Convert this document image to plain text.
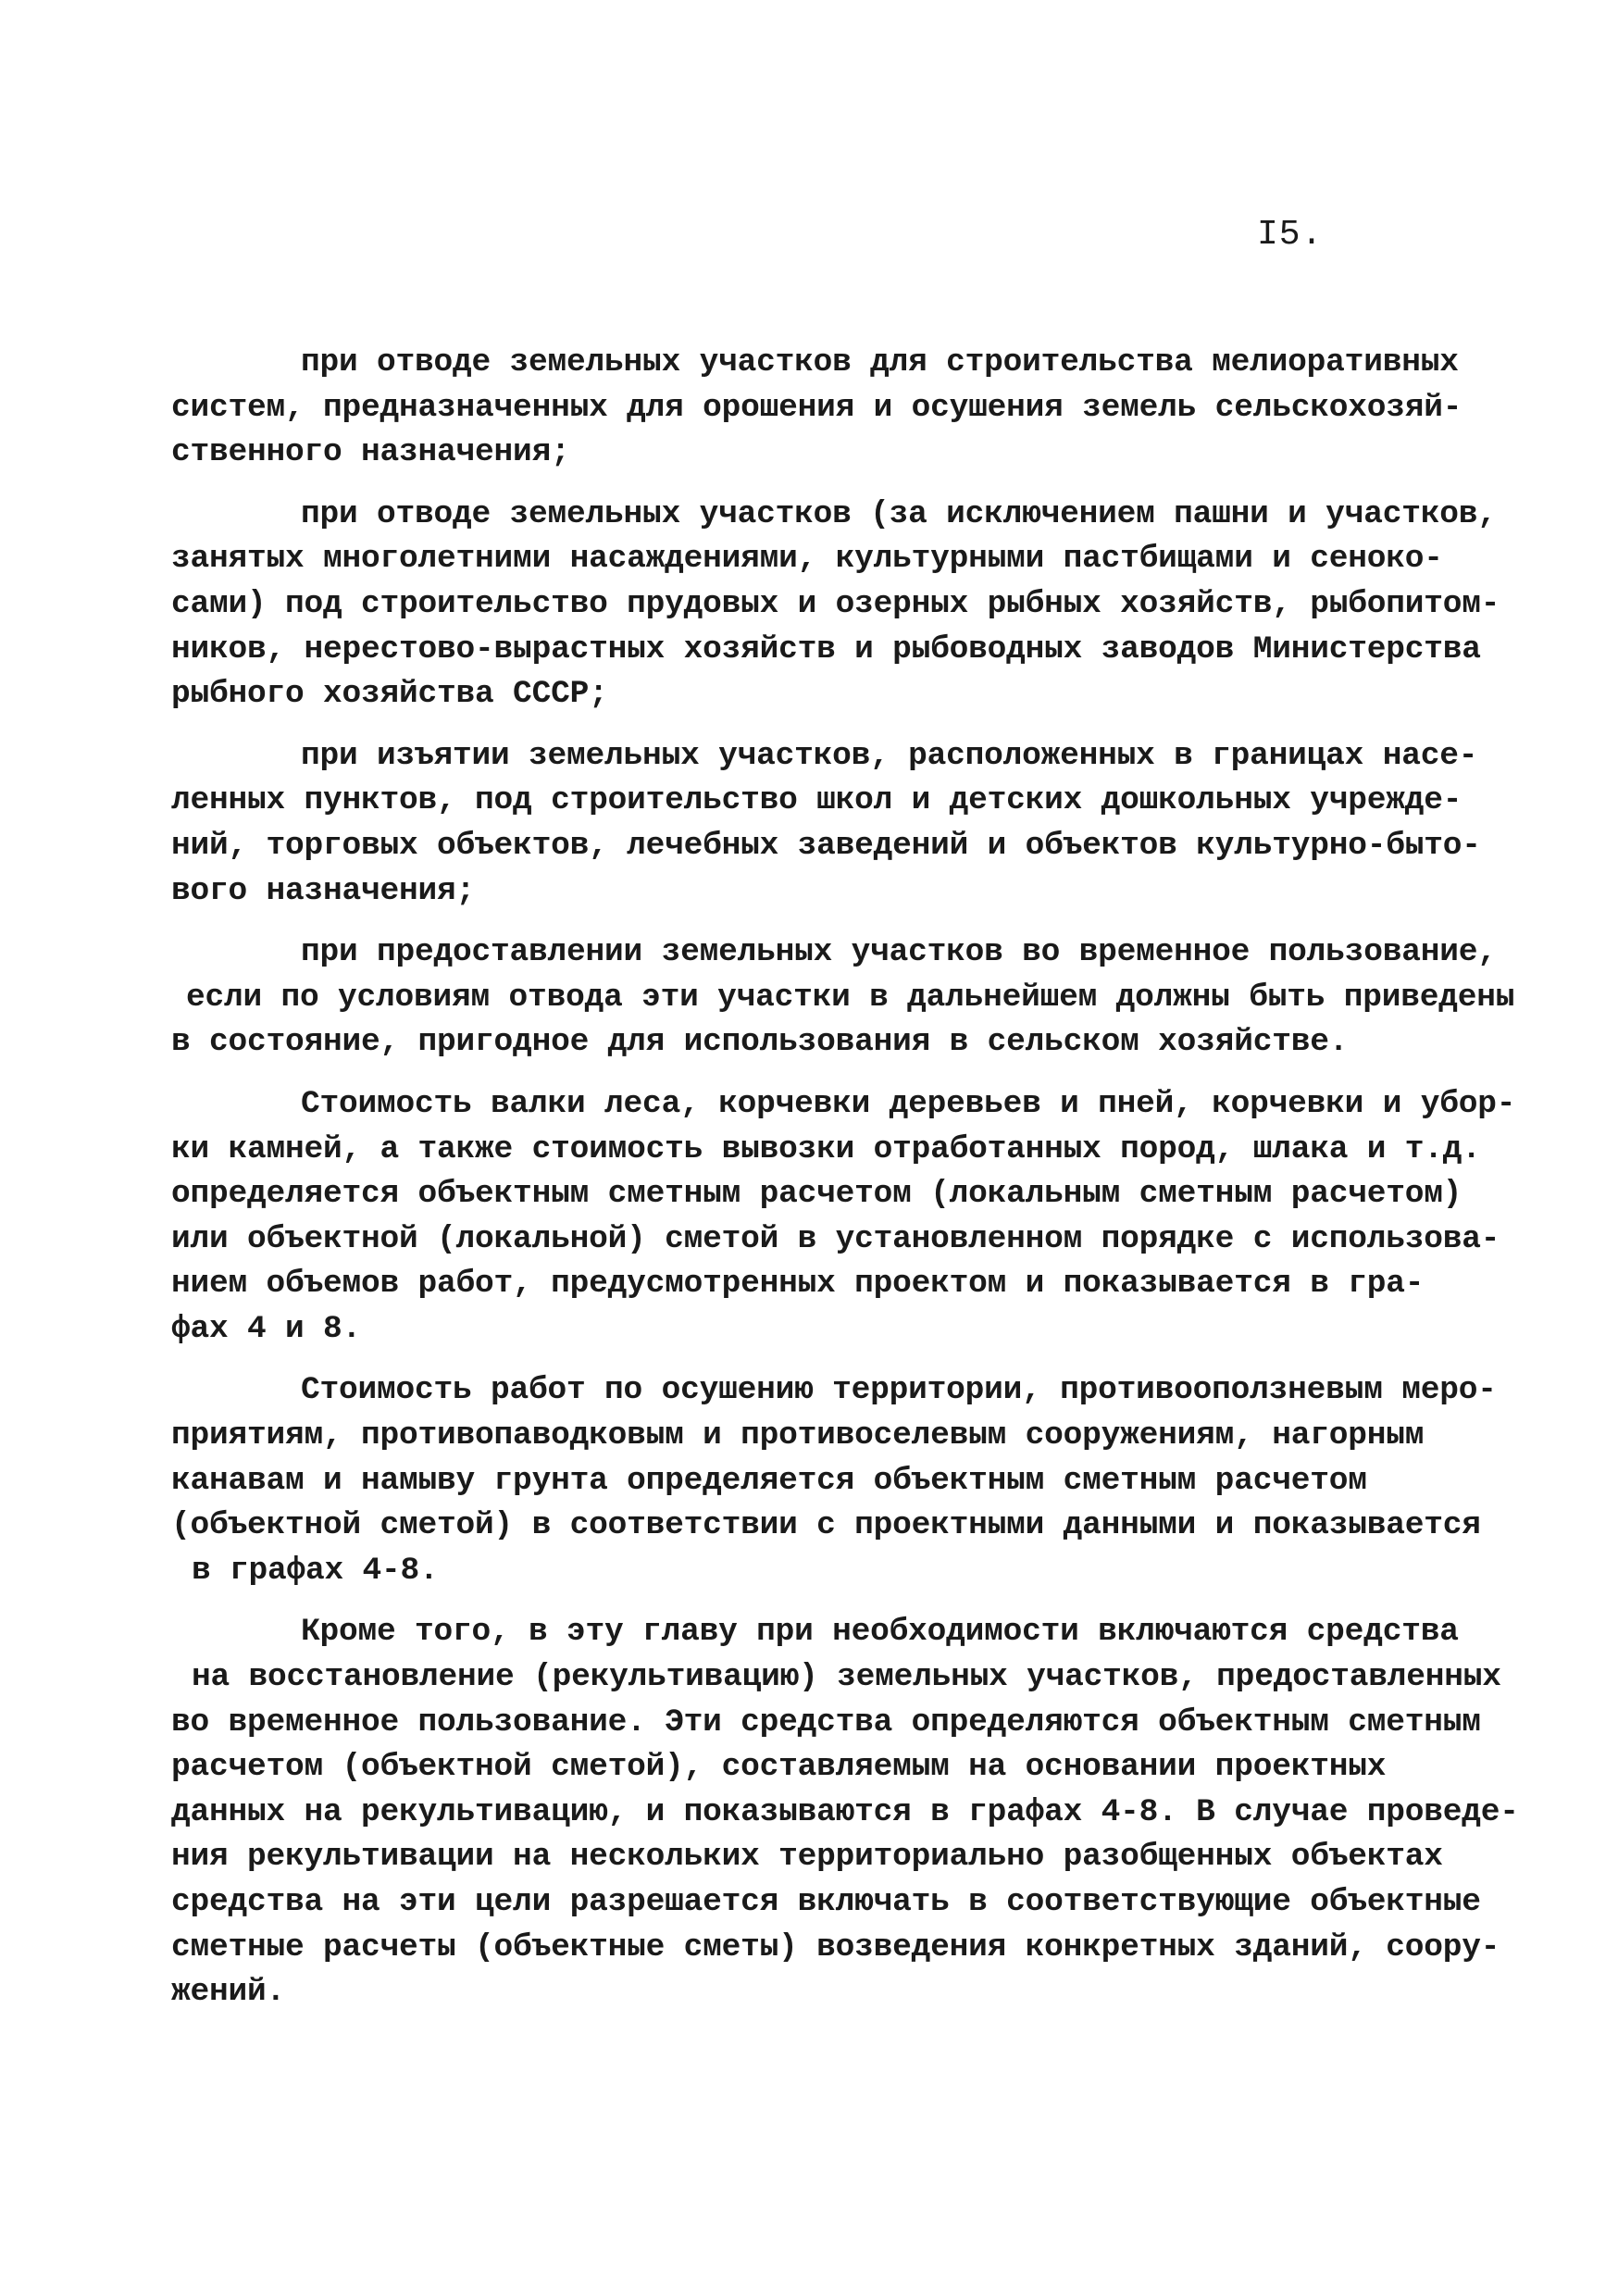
I5.
при отводе земельных участков для строительства мелиоративных
систем, предназначенных для орошения и осушения земель сельскохозяй-
ственного назначения;
при отводе земельных участков (за исключением пашни и участков,
занятых многолетними насаждениями, культурными пастбищами и сеноко-
сами) под строительство прудовых и озерных рыбных хозяйств, рыбопитом-
ников, нерестово-вырастных хозяйств и рыбоводных заводов Министерства
рыбного хозяйства СССР;
при изъятии земельных участков, расположенных в границах насе-
ленных пунктов, под строительство школ и детских дошкольных учрежде-
ний, торговых объектов, лечебных заведений и объектов культурно-бытo-
вого назначения;
при предоставлении земельных участков во временное пользование,
если по условиям отвода эти участки в дальнейшем должны быть приведены
в состояние, пригодное для использования в сельском хозяйстве.
Стоимость валки леса, корчевки деревьев и пней, корчевки и убор-
ки камней, а также стоимость вывозки отработанных пород, шлака и т.д.
определяется объектным сметным расчетом (локальным сметным расчетом)
или объектной (локальной) сметой в установленном порядке с использова-
нием объемов работ, предусмотренных проектом и показывается в гра-
фах 4 и 8.
Стоимость работ по осушению территории, противооползневым меро-
приятиям, противопаводковым и противоселевым сооружениям, нагорным
канавам и намыву грунта определяется объектным сметным расчетом
(объектной сметой) в соответствии с проектными данными и показывается
в графах 4-8.
Кроме того, в эту главу при необходимости включаются средства
на восстановление (рекультивацию) земельных участков, предоставленных
во временное пользование. Эти средства определяются объектным сметным
расчетом (объектной сметой), составляемым на основании проектных
данных на рекультивацию, и показываются в графах 4-8. В случае проведе-
ния рекультивации на нескольких территориально разобщенных объектах
средства на эти цели разрешается включать в соответствующие объектные
сметные расчеты (объектные сметы) возведения конкретных зданий, соору-
жений.
